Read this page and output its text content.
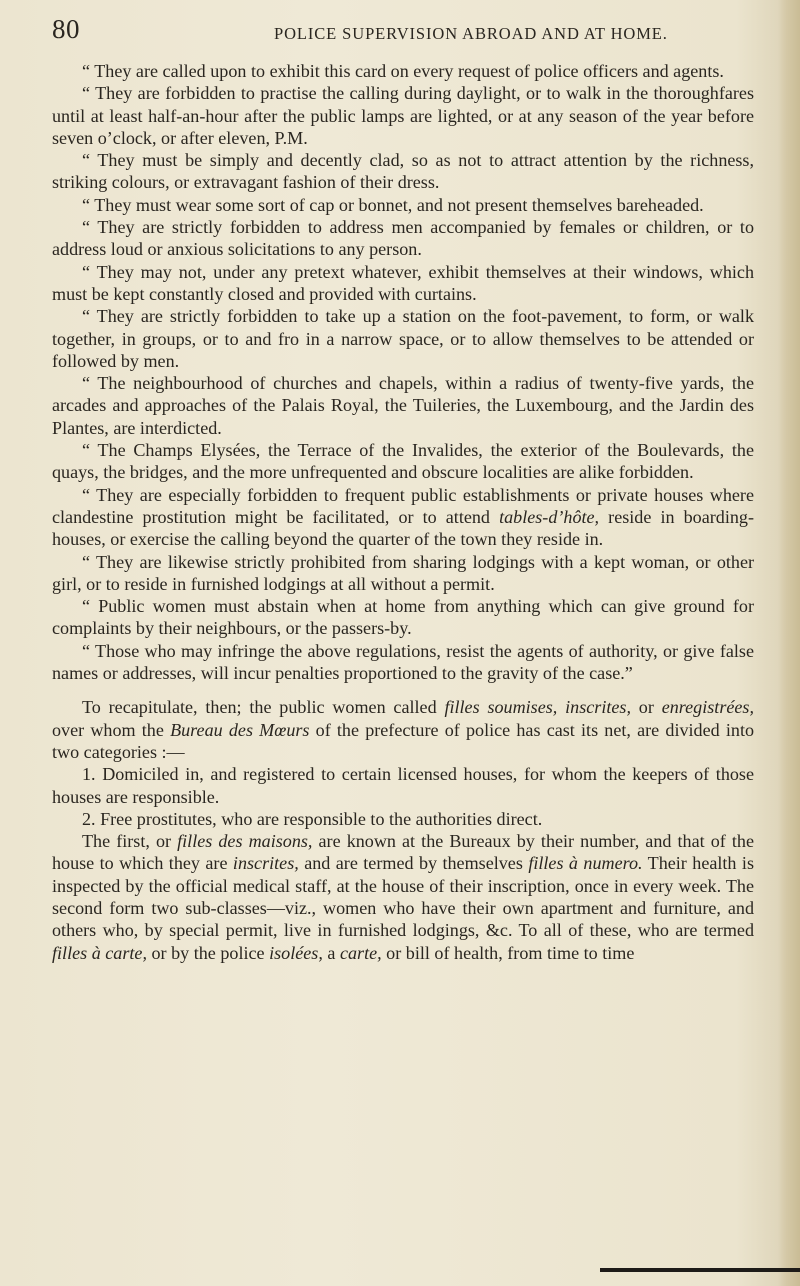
80	POLICE SUPERVISION ABROAD AND AT HOME.

“ They are called upon to exhibit this card on every request of police officers and agents.

“ They are forbidden to practise the calling during daylight, or to walk in the thoroughfares until at least half-an-hour after the public lamps are lighted, or at any season of the year before seven o’clock, or after eleven, P.M.

“ They must be simply and decently clad, so as not to attract attention by the richness, striking colours, or extravagant fashion of their dress.

“ They must wear some sort of cap or bonnet, and not present themselves bareheaded.

“ They are strictly forbidden to address men accompanied by females or children, or to address loud or anxious solicitations to any person.

“ They may not, under any pretext whatever, exhibit themselves at their windows, which must be kept constantly closed and provided with curtains.

“ They are strictly forbidden to take up a station on the foot-pavement, to form, or walk together, in groups, or to and fro in a narrow space, or to allow themselves to be attended or followed by men.

“ The neighbourhood of churches and chapels, within a radius of twenty-five yards, the arcades and approaches of the Palais Royal, the Tuileries, the Luxembourg, and the Jardin des Plantes, are interdicted.

“ The Champs Elysées, the Terrace of the Invalides, the exterior of the Boulevards, the quays, the bridges, and the more unfrequented and obscure localities are alike forbidden.

“ They are especially forbidden to frequent public establishments or private houses where clandestine prostitution might be facilitated, or to attend tables-d’hôte, reside in boarding-houses, or exercise the calling beyond the quarter of the town they reside in.

“ They are likewise strictly prohibited from sharing lodgings with a kept woman, or other girl, or to reside in furnished lodgings at all without a permit.

“ Public women must abstain when at home from anything which can give ground for complaints by their neighbours, or the passers-by.

“ Those who may infringe the above regulations, resist the agents of authority, or give false names or addresses, will incur penalties proportioned to the gravity of the case.”

To recapitulate, then; the public women called filles soumises, inscrites, or enregistrées, over whom the Bureau des Mœurs of the prefecture of police has cast its net, are divided into two categories :—

1. Domiciled in, and registered to certain licensed houses, for whom the keepers of those houses are responsible.

2. Free prostitutes, who are responsible to the authorities direct.

The first, or filles des maisons, are known at the Bureaux by their number, and that of the house to which they are inscrites, and are termed by themselves filles à numero. Their health is inspected by the official medical staff, at the house of their inscription, once in every week. The second form two sub-classes—viz., women who have their own apartment and furniture, and others who, by special permit, live in furnished lodgings, &c. To all of these, who are termed filles à carte, or by the police isolées, a carte, or bill of health, from time to time
